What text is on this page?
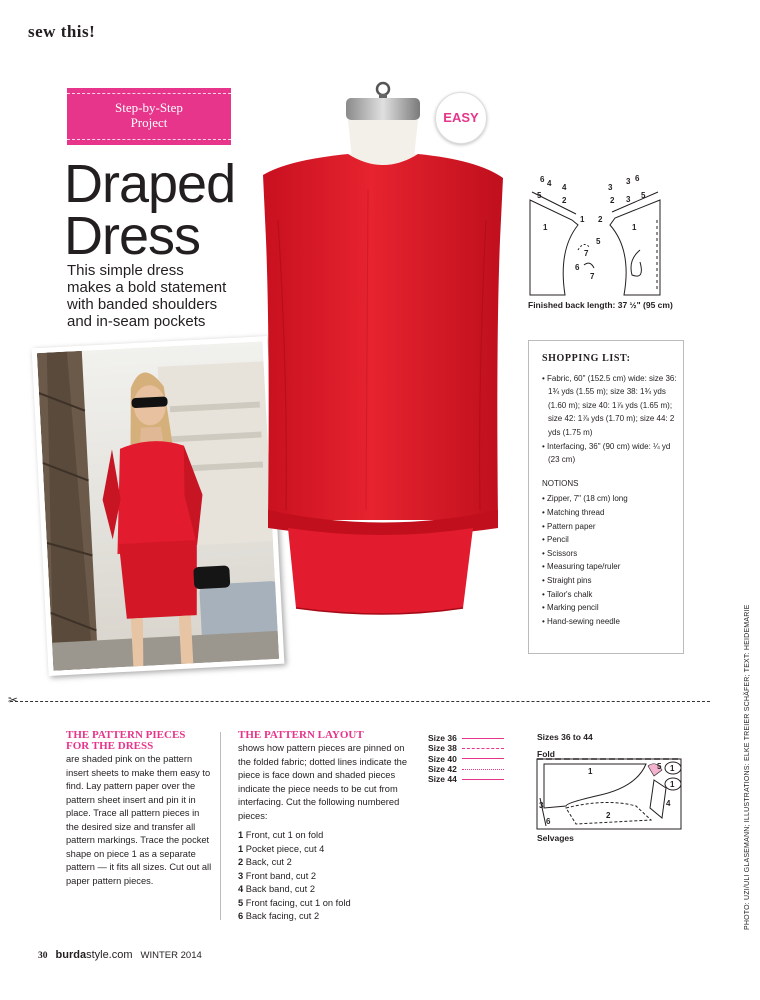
sew this!
Step-by-Step
Project	EASY
Draped
Dress
This simple dress
makes a bold statement
with banded shoulders
and in-seam pockets
6 4 4
5
3
3 6
3 5
2	2
1
1
2
1
5
7
6
7
Finished back length: 37 ½" (95 cm)
SHOPPING LIST:
• Fabric, 60" (152.5 cm) wide: size 36: 1¾ yds (1.55 m); size 38: 1¾ yds (1.60 m); size 40: 1⅞ yds (1.65 m); size 42: 1⅞ yds (1.70 m); size 44: 2 yds (1.75 m)
• Interfacing, 36" (90 cm) wide: ¼ yd (23 cm)
NOTIONS
• Zipper, 7" (18 cm) long
• Matching thread
• Pattern paper
• Pencil
• Scissors
• Measuring tape/ruler
• Straight pins
• Tailor's chalk
• Marking pencil
• Hand-sewing needle	PHOTO: UZI/ULI GLASEMANN; ILLUSTRATIONS: ELKE TREIER SCHÄFER; TEXT: HEIDEMARIE
✂
THE PATTERN PIECES
FOR THE DRESS
are shaded pink on the pattern insert sheets to make them easy to find. Lay pattern paper over the pattern sheet insert and pin it in place. Trace all pattern pieces in the desired size and transfer all pattern markings. Trace the pocket shape on piece 1 as a separate pattern — it fits all sizes. Cut out all paper pattern pieces.
THE PATTERN LAYOUT
shows how pattern pieces are pinned on the folded fabric; dotted lines indicate the piece is face down and shaded pieces indicate the piece needs to be cut from interfacing. Cut the following numbered pieces:
1 Front, cut 1 on fold
1 Pocket piece, cut 4
2 Back, cut 2
3 Front band, cut 2
4 Back band, cut 2
5 Front facing, cut 1 on fold
6 Back facing, cut 2
Size 36
Size 38
Size 40
Size 42
Size 44
Sizes 36 to 44
Fold
1
5 1
1
4
2
3
6
Selvages
30 burdastyle.com WINTER 2014
